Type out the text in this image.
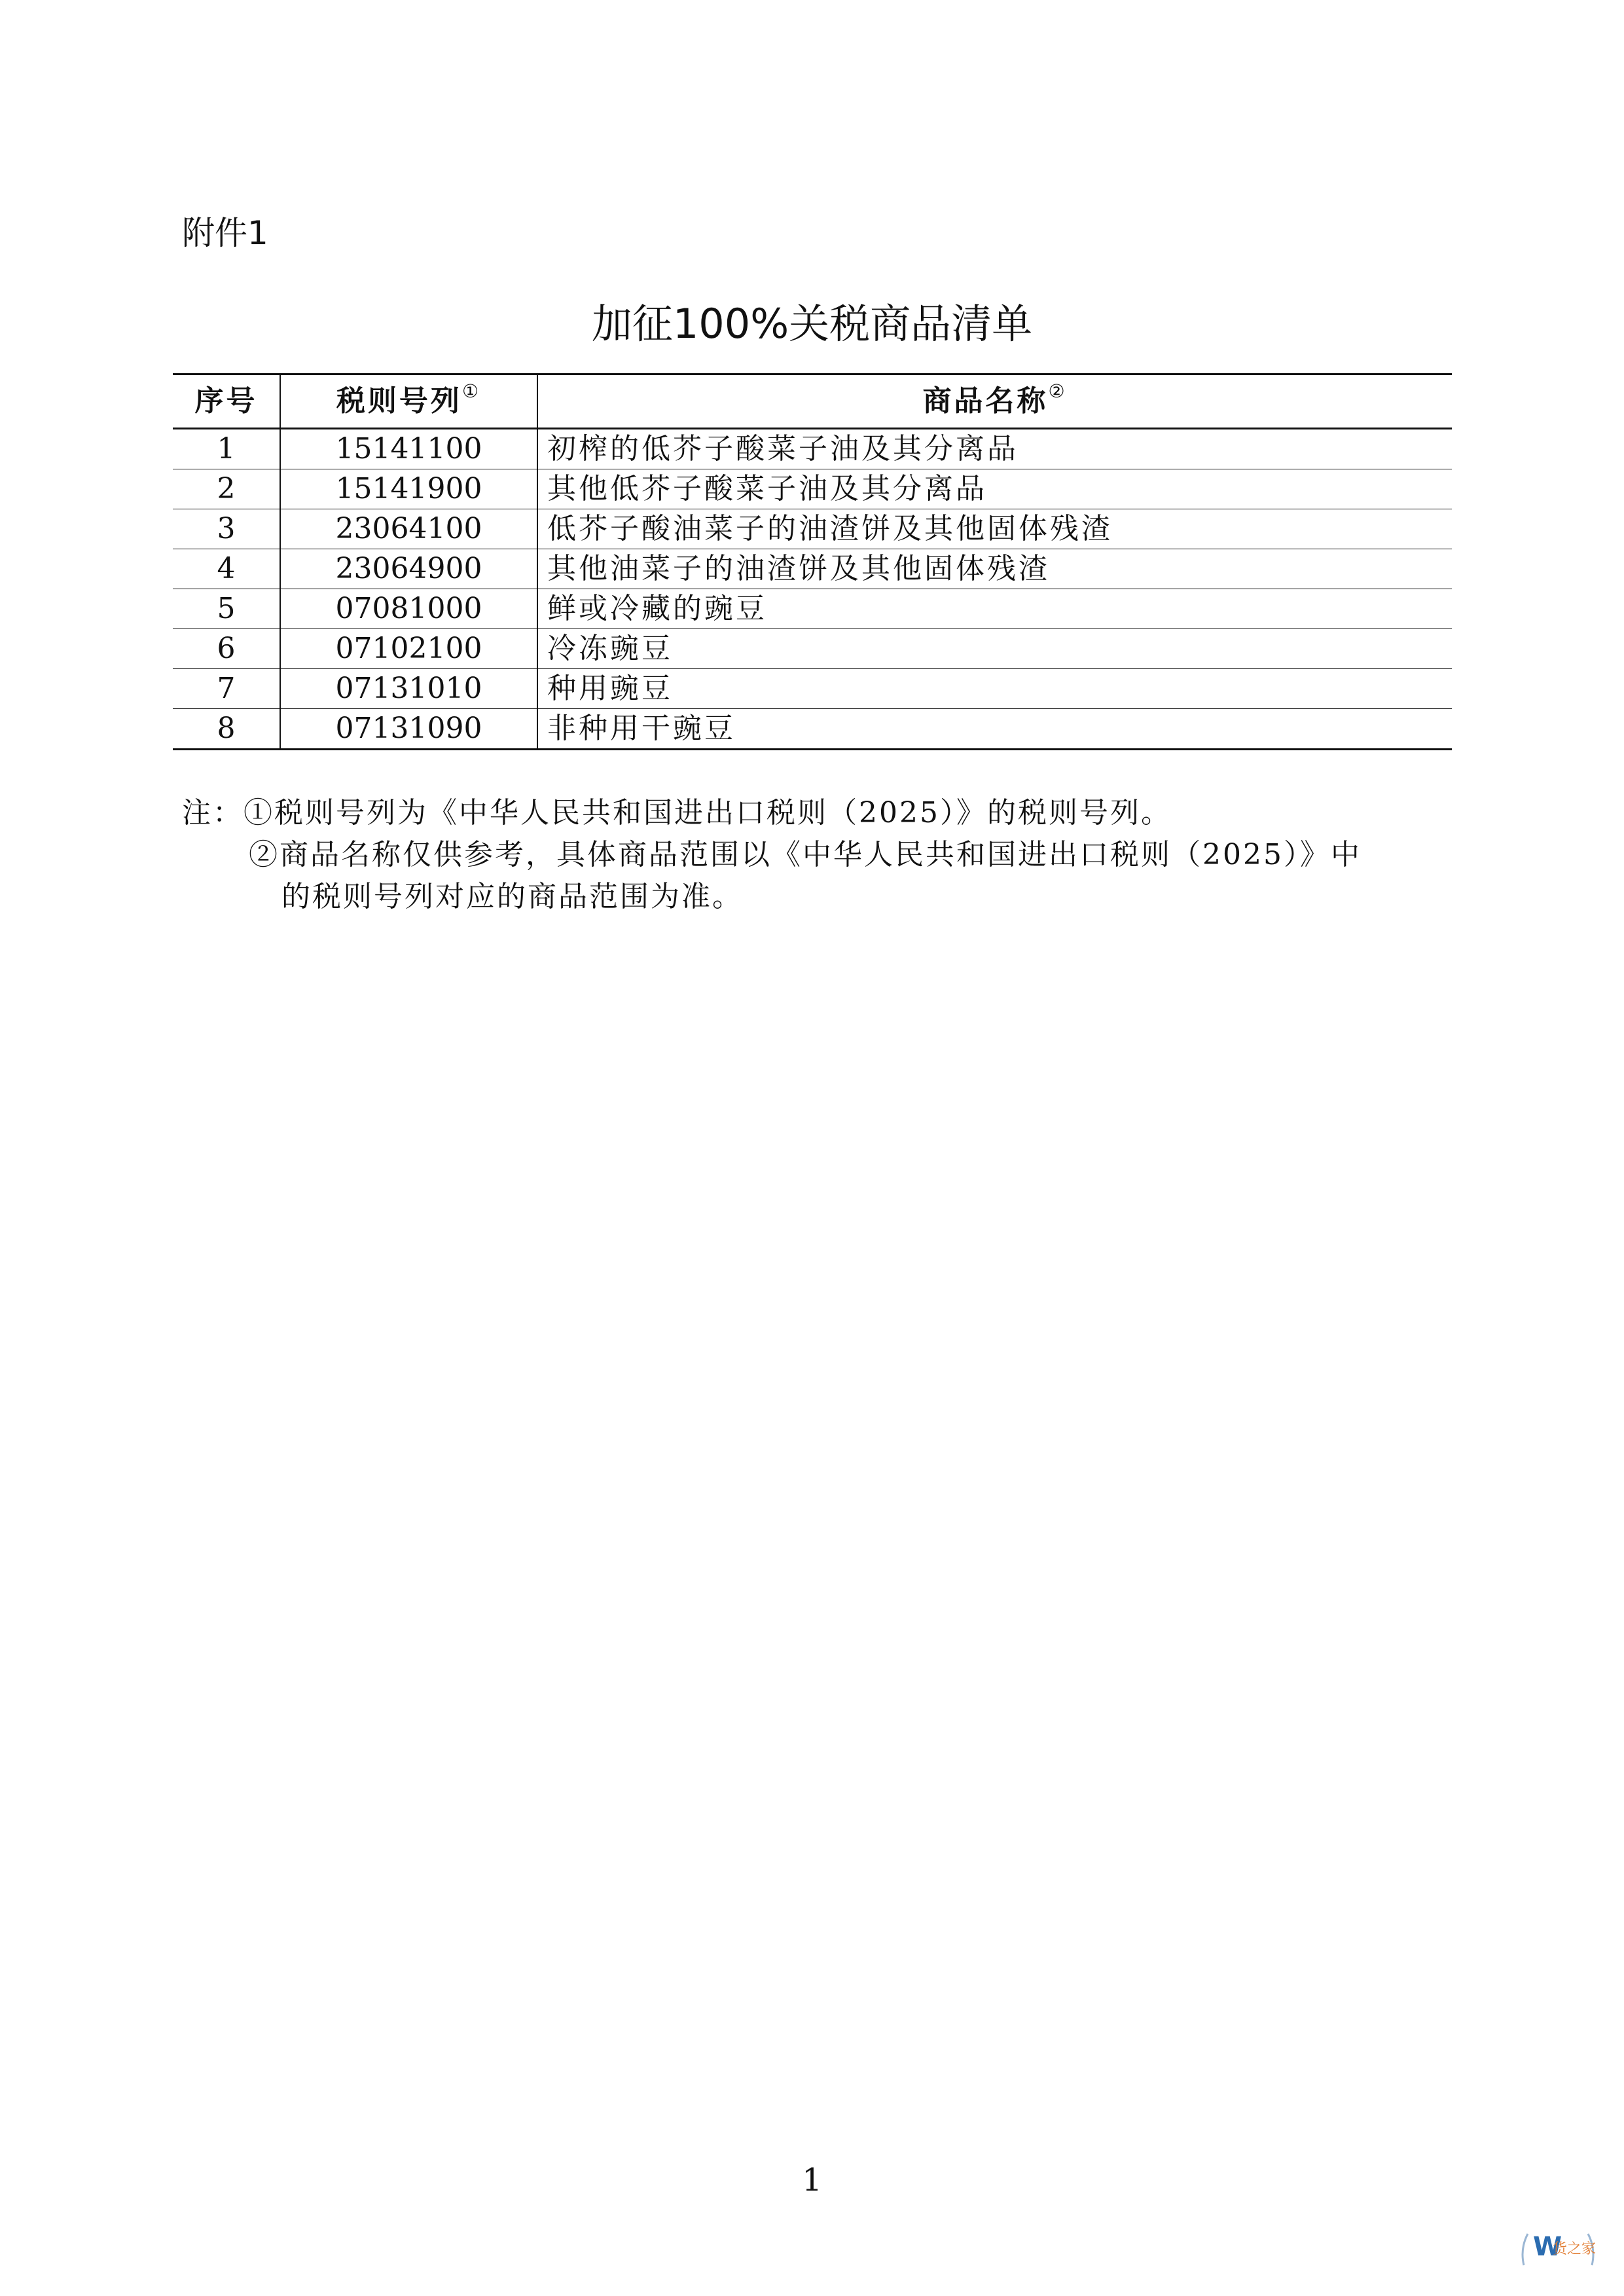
附件1
加征100%关税商品清单
序号	税则号列①	商品名称②
1	15141100	初榨的低芥子酸菜子油及其分离品
2	15141900	其他低芥子酸菜子油及其分离品
3	23064100	低芥子酸油菜子的油渣饼及其他固体残渣
4	23064900	其他油菜子的油渣饼及其他固体残渣
5	07081000	鲜或冷藏的豌豆
6	07102100	冷冻豌豆
7	07131010	种用豌豆
8	07131090	非种用干豌豆
注：①税则号列为《中华人民共和国进出口税则（2025）》的税则号列。
②商品名称仅供参考，具体商品范围以《中华人民共和国进出口税则（2025）》中
的税则号列对应的商品范围为准。
1
W
货之家
